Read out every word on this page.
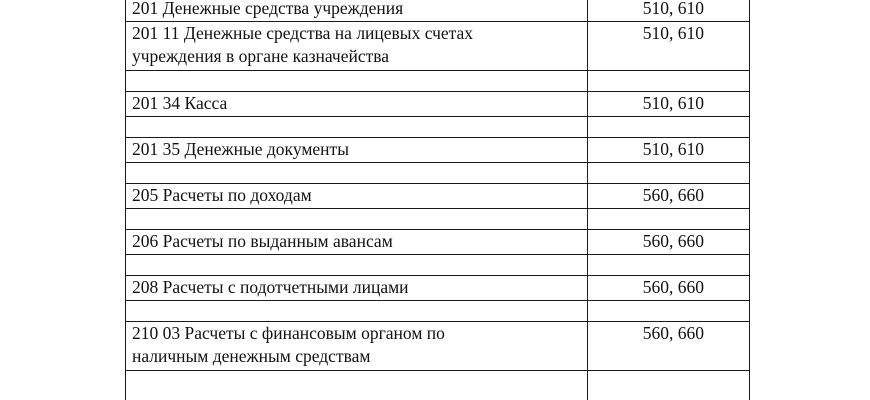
201 Денежные средства учреждения	510, 610

201 11 Денежные средства на лицевых счетах
учреждения в органе казначейства	510, 610

201 34 Касса	510, 610

201 35 Денежные документы	510, 610

205 Расчеты по доходам	560, 660

206 Расчеты по выданным авансам	560, 660

208 Расчеты с подотчетными лицами	560, 660

210 03 Расчеты с финансовым органом по
наличным денежным средствам	560, 660
